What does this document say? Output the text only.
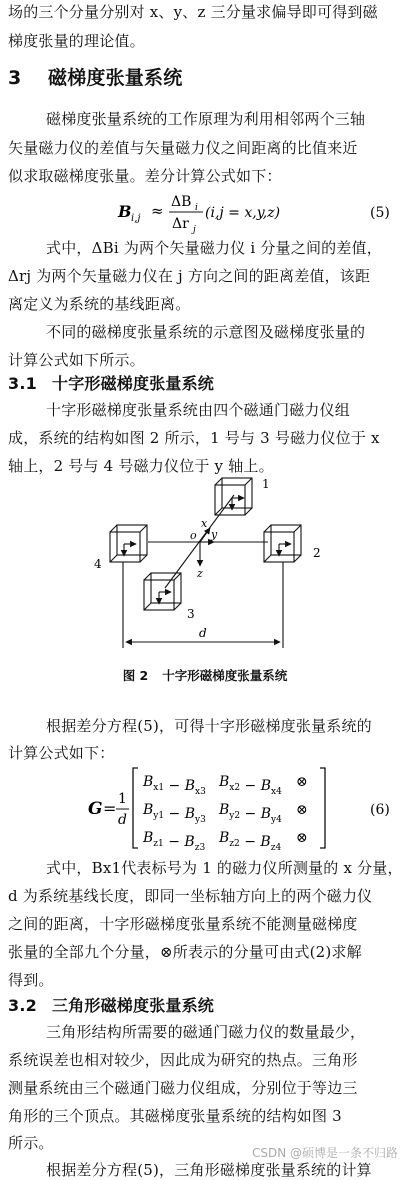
场的三个分量分别对 x、y、z 三分量求偏导即可得到磁
梯度张量的理论值。
3 磁梯度张量系统
磁梯度张量系统的工作原理为利用相邻两个三轴
矢量磁力仪的差值与矢量磁力仪之间距离的比值来近
似求取磁梯度张量。差分计算公式如下：
B i,j ≈ ΔB i
Δr j
(i,j = x,y,z)	(5)
式中，ΔBi 为两个矢量磁力仪 i 分量之间的差值，
Δrj 为两个矢量磁力仪在 j 方向之间的距离差值，该距
离定义为系统的基线距离。
不同的磁梯度张量系统的示意图及磁梯度张量的
计算公式如下所示。
3.1 十字形磁梯度张量系统
十字形磁梯度张量系统由四个磁通门磁力仪组
成，系统的结构如图 2 所示，1 号与 3 号磁力仪位于 x
轴上，2 号与 4 号磁力仪位于 y 轴上。
1
2
3
4
x
y
z
o
d
图 2 十字形磁梯度张量系统
根据差分方程(5)，可得十字形磁梯度张量系统的
计算公式如下：
G = 1
d
$B_{x1} - B_{x3}$
$B_{x2} - B_{x4}$
⊗
$B_{y1} - B_{y3}$
$B_{y2} - B_{y4}$
⊗
$B_{z1} - B_{z3}$
$B_{z2} - B_{z4}$
⊗
(6)
式中，Bx1代表标号为 1 的磁力仪所测量的 x 分量，
d 为系统基线长度，即同一坐标轴方向上的两个磁力仪
之间的距离，十字形磁梯度张量系统不能测量磁梯度
张量的全部九个分量，⊗所表示的分量可由式(2)求解
得到。
3.2 三角形磁梯度张量系统
三角形结构所需要的磁通门磁力仪的数量最少，
系统误差也相对较少，因此成为研究的热点。三角形
测量系统由三个磁通门磁力仪组成，分别位于等边三
角形的三个顶点。其磁梯度张量系统的结构如图 3
所示。
根据差分方程(5)，三角形磁梯度张量系统的计算
CSDN @硕博是一条不归路
